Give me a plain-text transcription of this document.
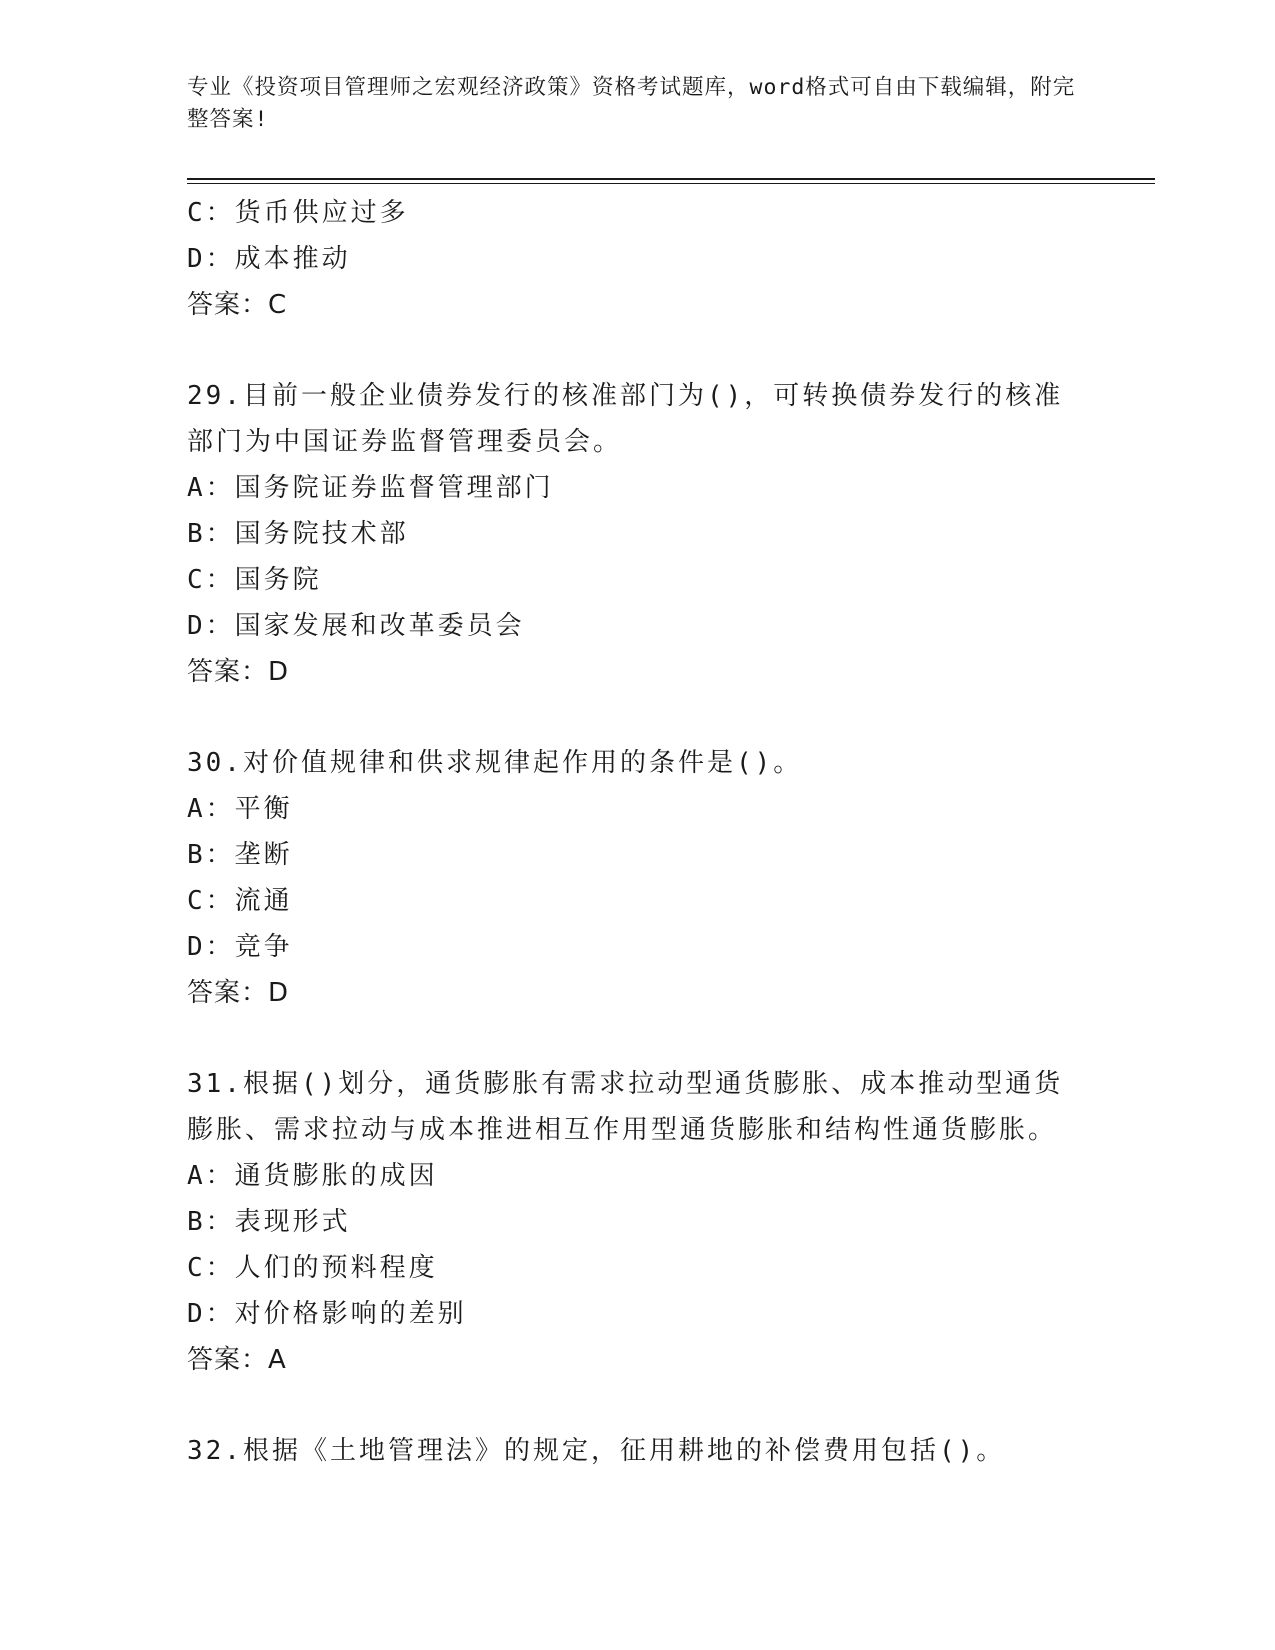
专业《投资项目管理师之宏观经济政策》资格考试题库，word格式可自由下载编辑，附完整答案!
C：货币供应过多
D：成本推动
答案：C
29.目前一般企业债券发行的核准部门为()，可转换债券发行的核准部门为中国证券监督管理委员会。
A：国务院证券监督管理部门
B：国务院技术部
C：国务院
D：国家发展和改革委员会
答案：D
30.对价值规律和供求规律起作用的条件是()。
A：平衡
B：垄断
C：流通
D：竞争
答案：D
31.根据()划分，通货膨胀有需求拉动型通货膨胀、成本推动型通货膨胀、需求拉动与成本推进相互作用型通货膨胀和结构性通货膨胀。
A：通货膨胀的成因
B：表现形式
C：人们的预料程度
D：对价格影响的差别
答案：A
32.根据《土地管理法》的规定，征用耕地的补偿费用包括()。
